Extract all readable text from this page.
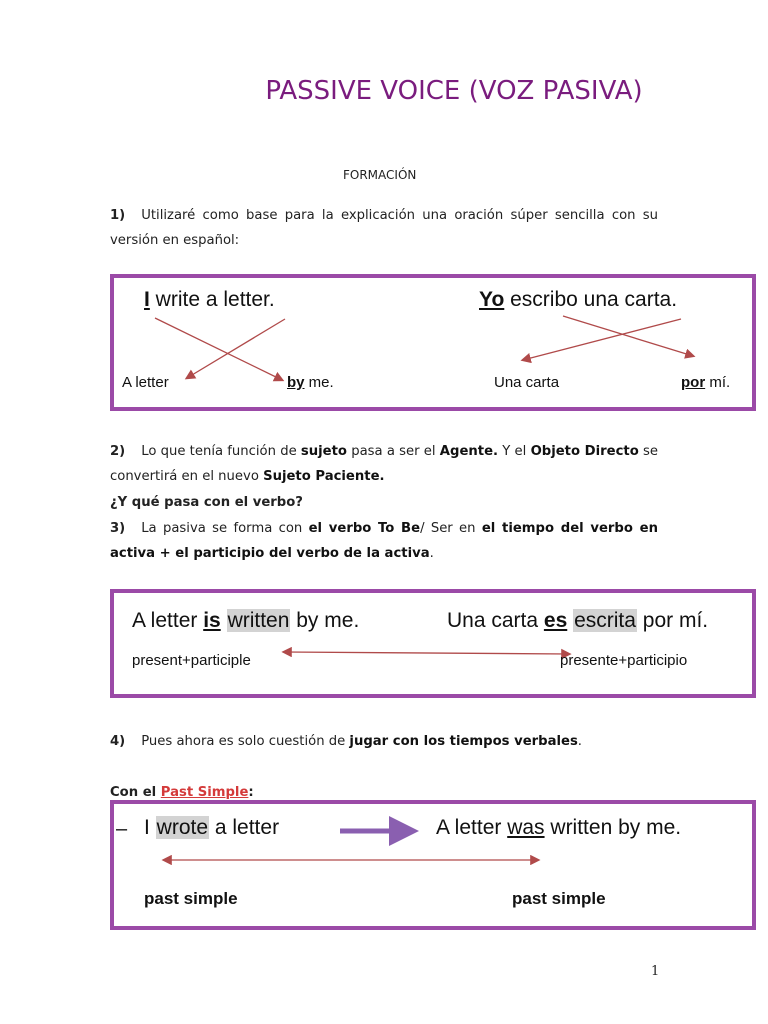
PASSIVE VOICE (VOZ PASIVA)
FORMACIÓN
1) Utilizaré como base para la explicación una oración súper sencilla con su versión en español:
I write a letter.	Yo escribo una carta.
A letter	by me.	Una carta	por mí.
2) Lo que tenía función de sujeto pasa a ser el Agente. Y el Objeto Directo se convertirá en el nuevo Sujeto Paciente.
¿Y qué pasa con el verbo?
3) La pasiva se forma con el verbo To Be/ Ser en el tiempo del verbo en activa + el participio del verbo de la activa.
A letter is written by me.	Una carta es escrita por mí.
present+participle	presente+participio
4) Pues ahora es solo cuestión de jugar con los tiempos verbales.
Con el Past Simple:
– I wrote a letter	A letter was written by me.
past simple	past simple
1
